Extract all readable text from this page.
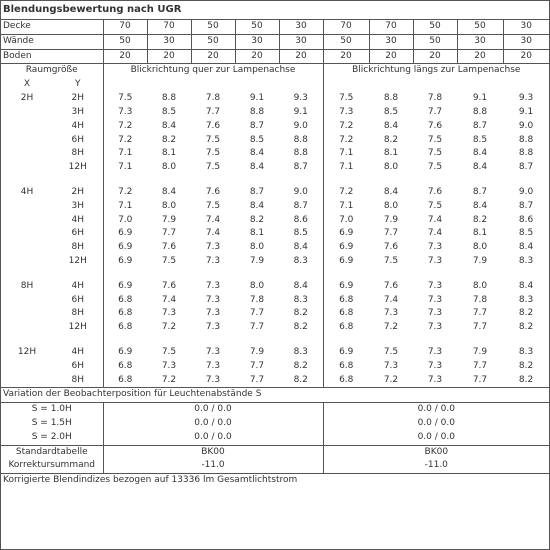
Blendungsbewertung nach UGR											
Decke		70	70	50	50	30	70	70	50	50	30
Wände		50	30	50	30	30	50	30	50	30	30
Boden		20	20	20	20	20	20	20	20	20	20
Raumgröße		Blickrichtung quer zur Lampenachse					Blickrichtung längs zur Lampenachse				
X	Y										
2H	2H	7.5	8.8	7.8	9.1	9.3	7.5	8.8	7.8	9.1	9.3
	3H	7.3	8.5	7.7	8.8	9.1	7.3	8.5	7.7	8.8	9.1
	4H	7.2	8.4	7.6	8.7	9.0	7.2	8.4	7.6	8.7	9.0
	6H	7.2	8.2	7.5	8.5	8.8	7.2	8.2	7.5	8.5	8.8
	8H	7.1	8.1	7.5	8.4	8.8	7.1	8.1	7.5	8.4	8.8
	12H	7.1	8.0	7.5	8.4	8.7	7.1	8.0	7.5	8.4	8.7

4H	2H	7.2	8.4	7.6	8.7	9.0	7.2	8.4	7.6	8.7	9.0
	3H	7.1	8.0	7.5	8.4	8.7	7.1	8.0	7.5	8.4	8.7
	4H	7.0	7.9	7.4	8.2	8.6	7.0	7.9	7.4	8.2	8.6
	6H	6.9	7.7	7.4	8.1	8.5	6.9	7.7	7.4	8.1	8.5
	8H	6.9	7.6	7.3	8.0	8.4	6.9	7.6	7.3	8.0	8.4
	12H	6.9	7.5	7.3	7.9	8.3	6.9	7.5	7.3	7.9	8.3

8H	4H	6.9	7.6	7.3	8.0	8.4	6.9	7.6	7.3	8.0	8.4
	6H	6.8	7.4	7.3	7.8	8.3	6.8	7.4	7.3	7.8	8.3
	8H	6.8	7.3	7.3	7.7	8.2	6.8	7.3	7.3	7.7	8.2
	12H	6.8	7.2	7.3	7.7	8.2	6.8	7.2	7.3	7.7	8.2

12H	4H	6.9	7.5	7.3	7.9	8.3	6.9	7.5	7.3	7.9	8.3
	6H	6.8	7.3	7.3	7.7	8.2	6.8	7.3	7.3	7.7	8.2
	8H	6.8	7.2	7.3	7.7	8.2	6.8	7.2	7.3	7.7	8.2
Variation der Beobachterposition für Leuchtenabstände S											
S = 1.0H		0.0 / 0.0					0.0 / 0.0				
S = 1.5H		0.0 / 0.0					0.0 / 0.0				
S = 2.0H		0.0 / 0.0					0.0 / 0.0				
Standardtabelle		BK00					BK00				
Korrektursummand		-11.0					-11.0				
Korrigierte Blendindizes bezogen auf 13336 lm Gesamtlichtstrom											
